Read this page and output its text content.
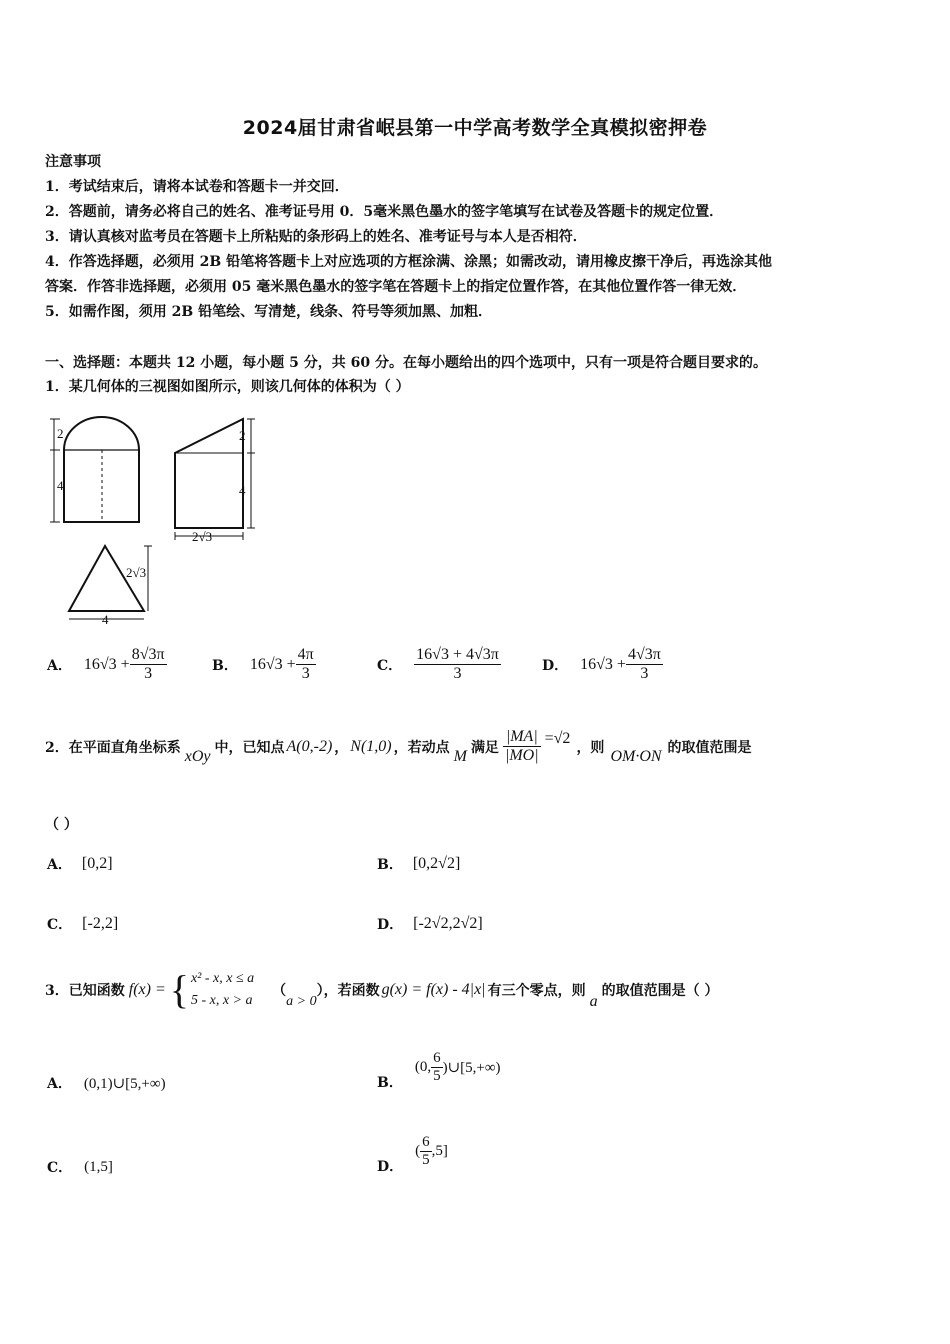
2024届甘肃省岷县第一中学高考数学全真模拟密押卷
注意事项
1．考试结束后，请将本试卷和答题卡一并交回．
2．答题前，请务必将自己的姓名、准考证号用 0．5毫米黑色墨水的签字笔填写在试卷及答题卡的规定位置．
3．请认真核对监考员在答题卡上所粘贴的条形码上的姓名、准考证号与本人是否相符．
4．作答选择题，必须用 2B 铅笔将答题卡上对应选项的方框涂满、涂黑；如需改动，请用橡皮擦干净后，再选涂其他
答案．作答非选择题，必须用 05 毫米黑色墨水的签字笔在答题卡上的指定位置作答，在其他位置作答一律无效．
5．如需作图，须用 2B 铅笔绘、写清楚，线条、符号等须加黑、加粗．
一、选择题：本题共 12 小题，每小题 5 分，共 60 分。在每小题给出的四个选项中，只有一项是符合题目要求的。
1．某几何体的三视图如图所示，则该几何体的体积为（ ）
2
4
2
4
2√3
2√3
4
A． $16√3 + \frac{8√3\pi}{3}$	B． $16√3 + \frac{4\pi}{3}$	C． $\frac{16√3 + 4√3\pi}{3}$	D． $16√3 + \frac{4√3\pi}{3}$
2．在平面直角坐标系 xOy 中，已知点 A(0,-2) ， N(1,0) ，若动点 M 满足 $\frac{|MA|}{|MO|} =√2$
，则 OM·ON 的取值范围是
（ ）
A． [0,2]	B． [0,2√2]
C． [-2,2]	D． [-2√2,2√2]
3．已知函数 f(x) = { x² - x, x ≤ a
5 - x, x > a
（
a > 0
），若函数 g(x) = f(x) - 4|x| 有三个零点，则
a
的取值范围是（ ）
A． (0,1)∪[5,+∞)	B．
(0, $\frac{6}{5}$ )∪[5,+∞)
C． (1,5]	D．
( $\frac{6}{5} ,5$]
